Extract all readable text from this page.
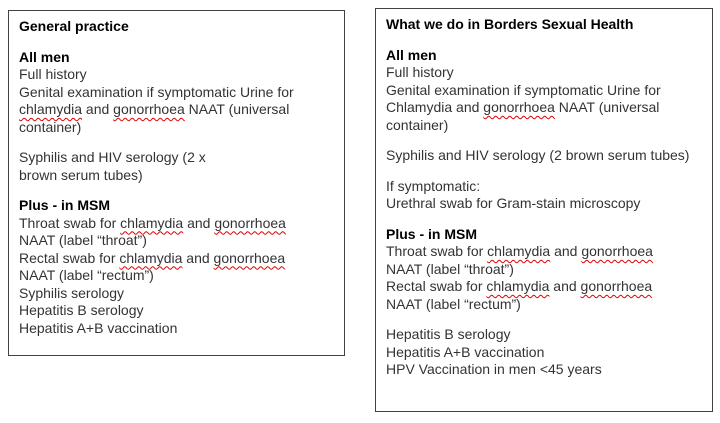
General practice
All men
Full history
Genital examination if symptomatic Urine for
chlamydia and gonorrhoea NAAT (universal
container)
Syphilis and HIV serology (2 x
brown serum tubes)
Plus - in MSM
Throat swab for chlamydia and gonorrhoea
NAAT (label “throat”)
Rectal swab for chlamydia and gonorrhoea
NAAT (label “rectum”)
Syphilis serology
Hepatitis B serology
Hepatitis A+B vaccination
What we do in Borders Sexual Health
All men
Full history
Genital examination if symptomatic Urine for
Chlamydia and gonorrhoea NAAT (universal
container)
Syphilis and HIV serology (2 brown serum tubes)
If symptomatic:
Urethral swab for Gram-stain microscopy
Plus - in MSM
Throat swab for chlamydia and gonorrhoea
NAAT (label “throat”)
Rectal swab for chlamydia and gonorrhoea
NAAT (label “rectum”)
Hepatitis B serology
Hepatitis A+B vaccination
HPV Vaccination in men <45 years
